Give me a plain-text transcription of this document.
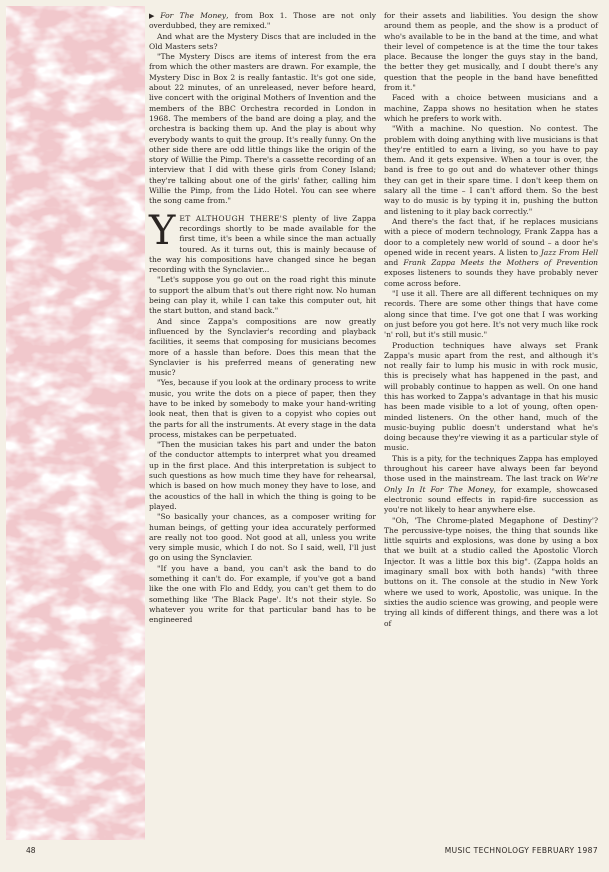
▶ For The Money, from Box 1. Those are not only overdubbed, they are remixed."

And what are the Mystery Discs that are included in the Old Masters sets?

"The Mystery Discs are items of interest from the era from which the other masters are drawn. For example, the Mystery Disc in Box 2 is really fantastic. It's got one side, about 22 minutes, of an unreleased, never before heard, live concert with the original Mothers of Invention and the members of the BBC Orchestra recorded in London in 1968. The members of the band are doing a play, and the orchestra is backing them up. And the play is about why everybody wants to quit the group. It's really funny. On the other side there are odd little things like the origin of the story of Willie the Pimp. There's a cassette recording of an interview that I did with these girls from Coney Island; they're talking about one of the girls' father, calling him Willie the Pimp, from the Lido Hotel. You can see where the song came from."

YET ALTHOUGH THERE'S plenty of live Zappa recordings shortly to be made available for the first time, it's been a while since the man actually toured. As it turns out, this is mainly because of the way his compositions have changed since he began recording with the Synclavier...

"Let's suppose you go out on the road right this minute to support the album that's out there right now. No human being can play it, while I can take this computer out, hit the start button, and stand back."

And since Zappa's compositions are now greatly influenced by the Synclavier's recording and playback facilities, it seems that composing for musicians becomes more of a hassle than before. Does this mean that the Synclavier is his preferred means of generating new music?

"Yes, because if you look at the ordinary process to write music, you write the dots on a piece of paper, then they have to be inked by somebody to make your hand-writing look neat, then that is given to a copyist who copies out the parts for all the instruments. At every stage in the data process, mistakes can be perpetuated.

"Then the musician takes his part and under the baton of the conductor attempts to interpret what you dreamed up in the first place. And this interpretation is subject to such questions as how much time they have for rehearsal, which is based on how much money they have to lose, and the acoustics of the hall in which the thing is going to be played.

"So basically your chances, as a composer writing for human beings, of getting your idea accurately performed are really not too good. Not good at all, unless you write very simple music, which I do not. So I said, well, I'll just go on using the Synclavier.

"If you have a band, you can't ask the band to do something it can't do. For example, if you've got a band like the one with Flo and Eddy, you can't get them to do something like 'The Black Page'. It's not their style. So whatever you write for that particular band has to be engineered

for their assets and liabilities. You design the show around them as people, and the show is a product of who's available to be in the band at the time, and what their level of competence is at the time the tour takes place. Because the longer the guys stay in the band, the better they get musically, and I doubt there's any question that the people in the band have benefitted from it."

Faced with a choice between musicians and a machine, Zappa shows no hesitation when he states which he prefers to work with.

"With a machine. No question. No contest. The problem with doing anything with live musicians is that they're entitled to earn a living, so you have to pay them. And it gets expensive. When a tour is over, the band is free to go out and do whatever other things they can get in their spare time. I don't keep them on salary all the time – I can't afford them. So the best way to do music is by typing it in, pushing the button and listening to it play back correctly."

And there's the fact that, if he replaces musicians with a piece of modern technology, Frank Zappa has a door to a completely new world of sound – a door he's opened wide in recent years. A listen to Jazz From Hell and Frank Zappa Meets the Mothers of Prevention exposes listeners to sounds they have probably never come across before.

"I use it all. There are all different techniques on my records. There are some other things that have come along since that time. I've got one that I was working on just before you got here. It's not very much like rock 'n' roll, but it's still music."

Production techniques have always set Frank Zappa's music apart from the rest, and although it's not really fair to lump his music in with rock music, this is precisely what has happened in the past, and will probably continue to happen as well. On one hand this has worked to Zappa's advantage in that his music has been made visible to a lot of young, often open-minded listeners. On the other hand, much of the music-buying public doesn't understand what he's doing because they're viewing it as a particular style of music.

This is a pity, for the techniques Zappa has employed throughout his career have always been far beyond those used in the mainstream. The last track on We're Only In It For The Money, for example, showcased electronic sound effects in rapid-fire succession as you're not likely to hear anywhere else.

"Oh, 'The Chrome-plated Megaphone of Destiny'? The percussive-type noises, the thing that sounds like little squirts and explosions, was done by using a box that we built at a studio called the Apostolic Vlorch Injector. It was a little box this big". (Zappa holds an imaginary small box with both hands) "with three buttons on it. The console at the studio in New York where we used to work, Apostolic, was unique. In the sixties the audio science was growing, and people were trying all kinds of different things, and there was a lot of

48	MUSIC TECHNOLOGY FEBRUARY 1987
